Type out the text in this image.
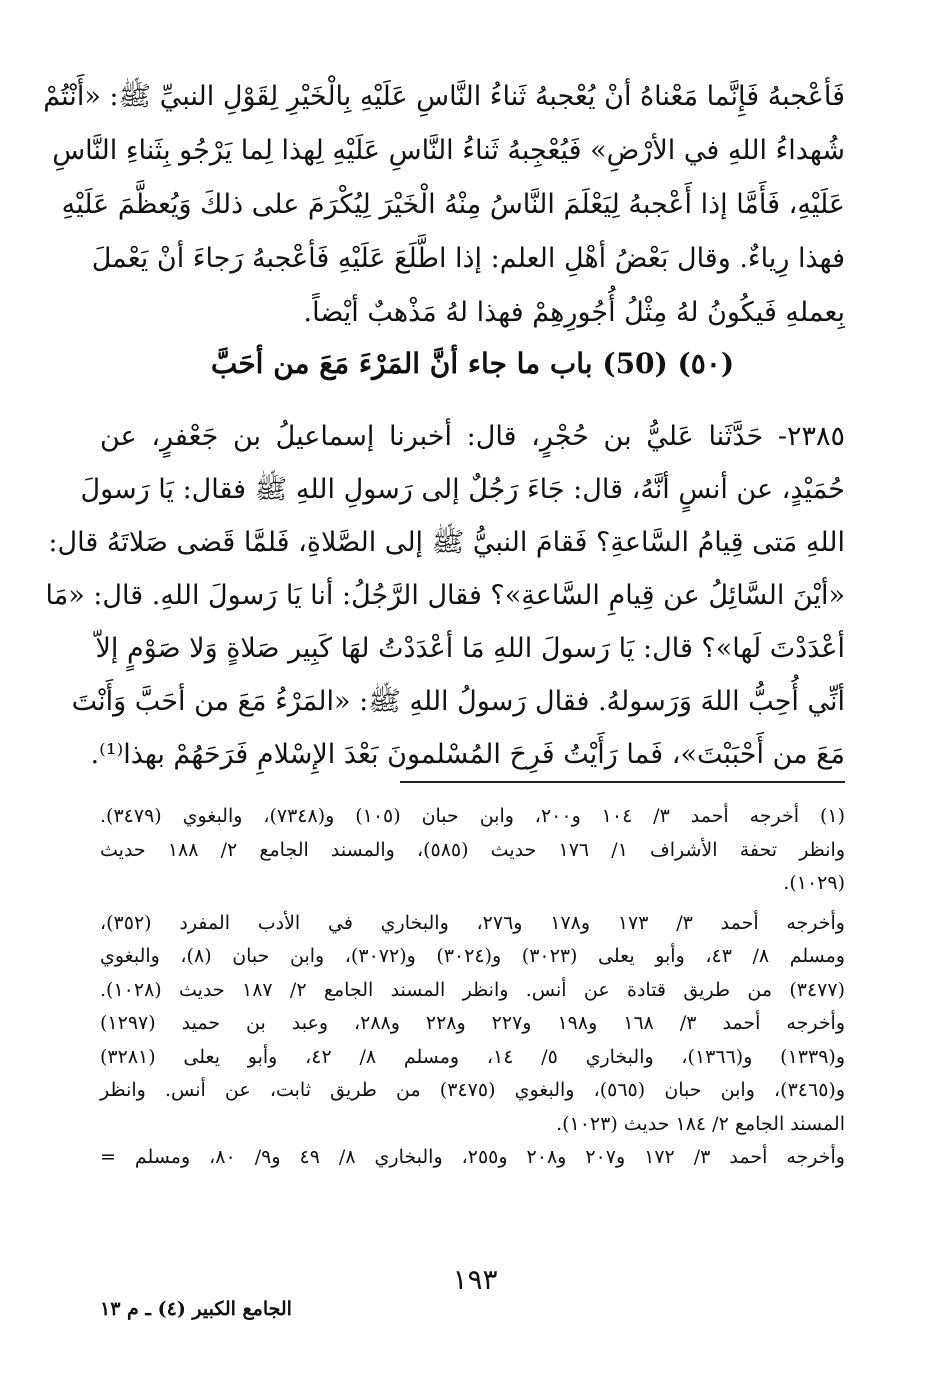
فَأعْجبهُ فَإِنَّما مَعْناهُ أنْ يُعْجبهُ ثَناءُ النَّاسِ عَلَيْهِ بِالْخَيْرِ لِقَوْلِ النبيِّ ﷺ: «أَنْتُمْ
شُهداءُ اللهِ في الأرْضِ» فَيُعْجِبهُ ثَناءُ النَّاسِ عَلَيْهِ لِهذا لِما يَرْجُو بِثَناءِ النَّاسِ
عَلَيْهِ، فَأَمَّا إذا أَعْجبهُ لِيَعْلَمَ النَّاسُ مِنْهُ الْخَيْرَ لِيُكْرَمَ على ذلكَ وَيُعظَّمَ عَلَيْهِ
فهذا رِياءٌ. وقال بَعْضُ أهْلِ العلم: إذا اطَّلَعَ عَلَيْهِ فَأعْجبهُ رَجاءَ أنْ يَعْملَ
بِعملهِ فَيكُونُ لهُ مِثْلُ أُجُورِهِمْ فهذا لهُ مَذْهبٌ أيْضاً.
(٥٠) (50) باب ما جاء أنَّ المَرْءَ مَعَ من أحَبَّ
٢٣٨٥- حَدَّثَنا عَليُّ بن حُجْرٍ، قال: أخبرنا إسماعيلُ بن جَعْفرٍ، عن
حُمَيْدٍ، عن أنسٍ أنَّهُ، قال: جَاءَ رَجُلٌ إلى رَسولِ اللهِ ﷺ فقال: يَا رَسولَ
اللهِ مَتى قِيامُ السَّاعةِ؟ فَقامَ النبيُّ ﷺ إلى الصَّلاةِ، فَلمَّا قَضى صَلاتَهُ قال:
«أيْنَ السَّائِلُ عن قِيامِ السَّاعةِ»؟ فقال الرَّجُلُ: أنا يَا رَسولَ اللهِ. قال: «مَا
أعْدَدْتَ لَها»؟ قال: يَا رَسولَ اللهِ مَا أعْدَدْتُ لهَا كَبِير صَلاةٍ وَلا صَوْمٍ إلاّ
أنِّي أُحِبُّ اللهَ وَرَسولهُ. فقال رَسولُ اللهِ ﷺ: «المَرْءُ مَعَ من أحَبَّ وَأَنْتَ
مَعَ من أَحْبَبْتَ»، فَما رَأَيْتُ فَرِحَ المُسْلمونَ بَعْدَ الإِسْلامِ فَرَحَهُمْ بهذا⁽¹⁾.
(١) أخرجه أحمد ٣/ ١٠٤ و٢٠٠، وابن حبان (١٠٥) و(٧٣٤٨)، والبغوي (٣٤٧٩).
وانظر تحفة الأشراف ١/ ١٧٦ حديث (٥٨٥)، والمسند الجامع ٢/ ١٨٨ حديث
(١٠٢٩).
وأخرجه أحمد ٣/ ١٧٣ و١٧٨ و٢٧٦، والبخاري في الأدب المفرد (٣٥٢)،
ومسلم ٨/ ٤٣، وأبو يعلى (٣٠٢٣) و(٣٠٢٤) و(٣٠٧٢)، وابن حبان (٨)، والبغوي
(٣٤٧٧) من طريق قتادة عن أنس. وانظر المسند الجامع ٢/ ١٨٧ حديث (١٠٢٨).
وأخرجه أحمد ٣/ ١٦٨ و١٩٨ و٢٢٧ و٢٢٨ و٢٨٨، وعبد بن حميد (١٢٩٧)
و(١٣٣٩) و(١٣٦٦)، والبخاري ٥/ ١٤، ومسلم ٨/ ٤٢، وأبو يعلى (٣٢٨١)
و(٣٤٦٥)، وابن حبان (٥٦٥)، والبغوي (٣٤٧٥) من طريق ثابت، عن أنس. وانظر
المسند الجامع ٢/ ١٨٤ حديث (١٠٢٣).
وأخرجه أحمد ٣/ ١٧٢ و٢٠٧ و٢٠٨ و٢٥٥، والبخاري ٨/ ٤٩ و٩/ ٨٠، ومسلم =
١٩٣
الجامع الكبير (٤) ـ م ١٣
